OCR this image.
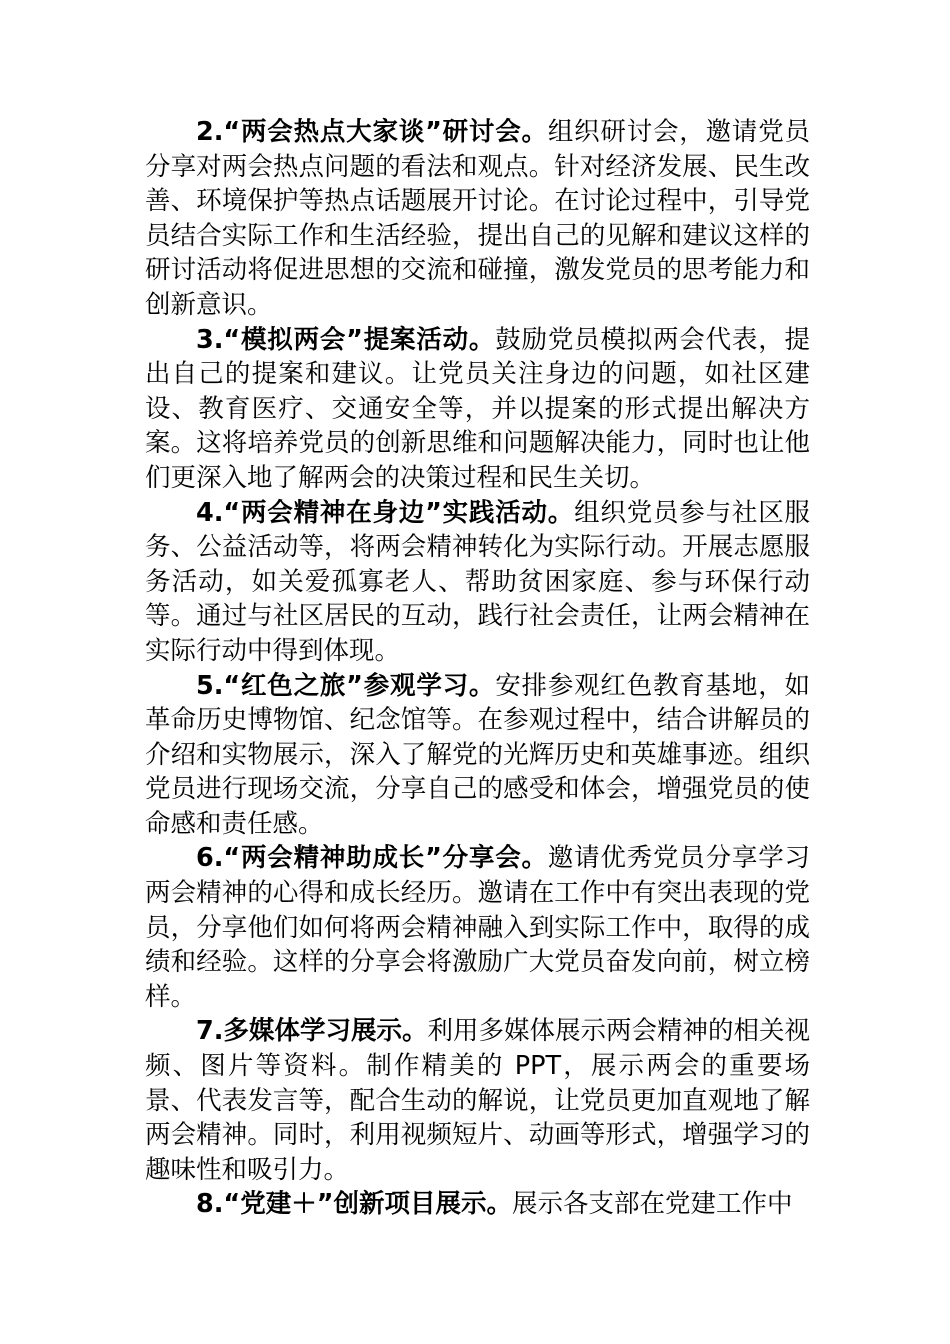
2.“两会热点大家谈”研讨会。组织研讨会，邀请党员分享对两会热点问题的看法和观点。针对经济发展、民生改善、环境保护等热点话题展开讨论。在讨论过程中，引导党员结合实际工作和生活经验，提出自己的见解和建议这样的研讨活动将促进思想的交流和碰撞，激发党员的思考能力和创新意识。

3.“模拟两会”提案活动。鼓励党员模拟两会代表，提出自己的提案和建议。让党员关注身边的问题，如社区建设、教育医疗、交通安全等，并以提案的形式提出解决方案。这将培养党员的创新思维和问题解决能力，同时也让他们更深入地了解两会的决策过程和民生关切。

4.“两会精神在身边”实践活动。组织党员参与社区服务、公益活动等，将两会精神转化为实际行动。开展志愿服务活动，如关爱孤寡老人、帮助贫困家庭、参与环保行动等。通过与社区居民的互动，践行社会责任，让两会精神在实际行动中得到体现。

5.“红色之旅”参观学习。安排参观红色教育基地，如革命历史博物馆、纪念馆等。在参观过程中，结合讲解员的介绍和实物展示，深入了解党的光辉历史和英雄事迹。组织党员进行现场交流，分享自己的感受和体会，增强党员的使命感和责任感。

6.“两会精神助成长”分享会。邀请优秀党员分享学习两会精神的心得和成长经历。邀请在工作中有突出表现的党员，分享他们如何将两会精神融入到实际工作中，取得的成绩和经验。这样的分享会将激励广大党员奋发向前，树立榜样。

7.多媒体学习展示。利用多媒体展示两会精神的相关视频、图片等资料。制作精美的 PPT，展示两会的重要场景、代表发言等，配合生动的解说，让党员更加直观地了解两会精神。同时，利用视频短片、动画等形式，增强学习的趣味性和吸引力。

8.“党建＋”创新项目展示。展示各支部在党建工作中
